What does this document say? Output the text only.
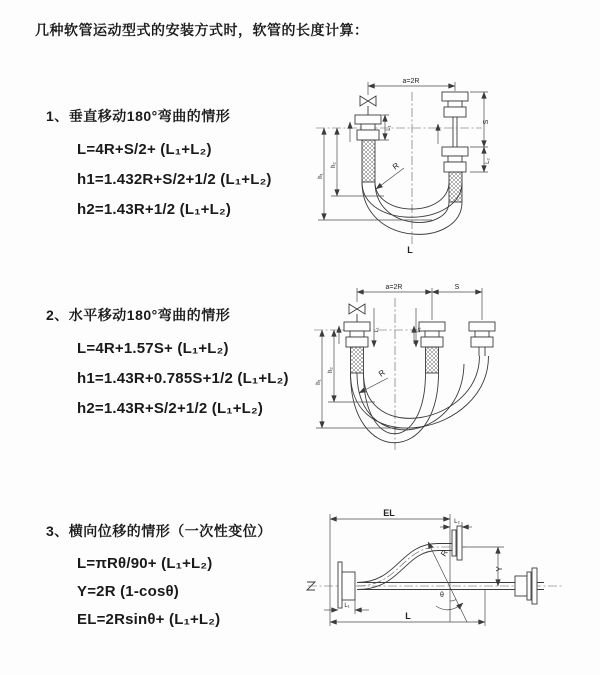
几种软管运动型式的安装方式时，软管的长度计算：
1、垂直移动180°弯曲的情形
L=4R+S/2+ (L₁+L₂)
h1=1.432R+S/2+1/2 (L₁+L₂)
h2=1.43R+1/2 (L₁+L₂)
2、水平移动180°弯曲的情形
L=4R+1.57S+ (L₁+L₂)
h1=1.43R+0.785S+1/2 (L₁+L₂)
h2=1.43R+S/2+1/2 (L₁+L₂)
3、横向位移的情形（一次性变位）
L=πRθ/90+ (L₁+L₂)
Y=2R (1-cosθ)
EL=2Rsinθ+ (L₁+L₂)
a=2R
S
L₂
L₁
h₁
h₂	R
L
a=2R	S
L₁	L₂
h₁
h₂	R
EL
L₂
Y
R
θ
L₁
L
